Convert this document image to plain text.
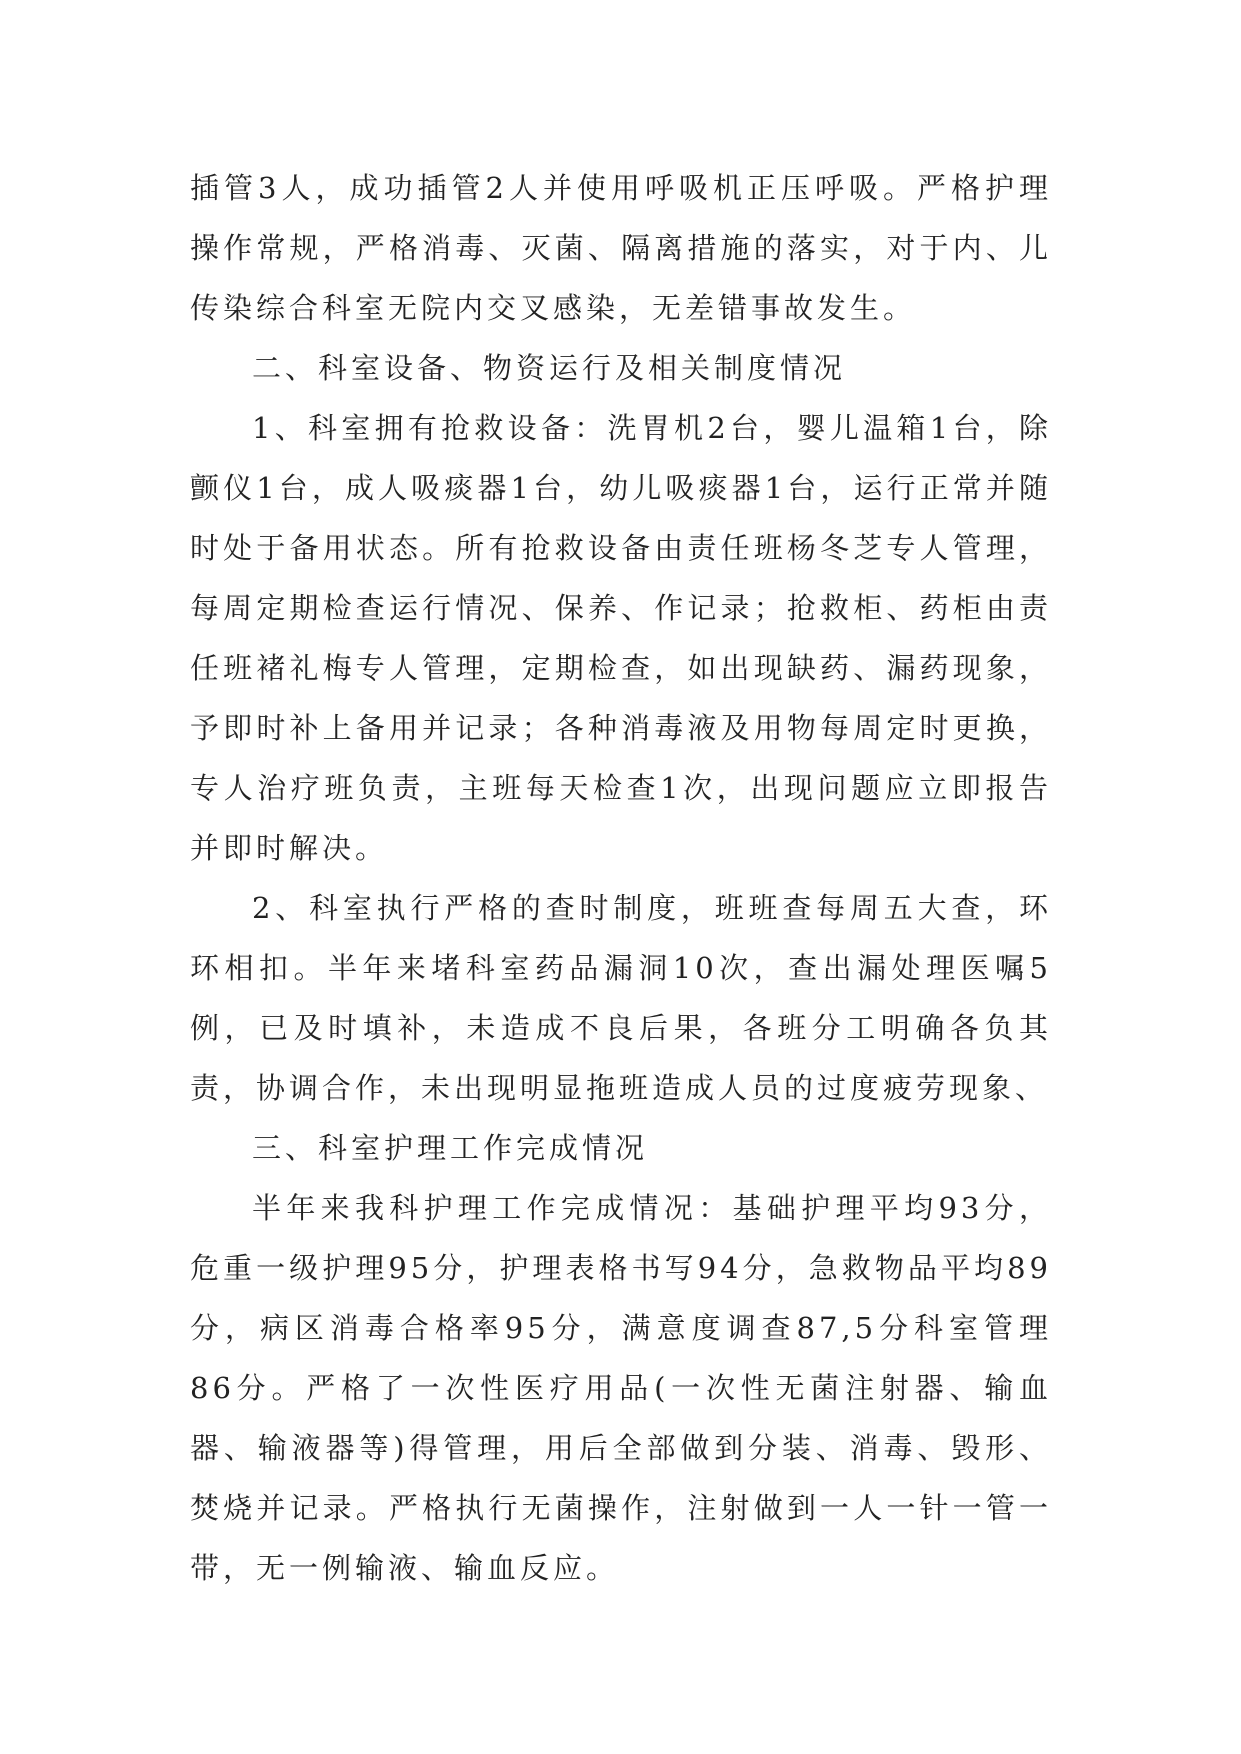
插管3人，成功插管2人并使用呼吸机正压呼吸。严格护理操作常规，严格消毒、灭菌、隔离措施的落实，对于内、儿传染综合科室无院内交叉感染，无差错事故发生。

二、科室设备、物资运行及相关制度情况

1、科室拥有抢救设备：洗胃机2台，婴儿温箱1台，除颤仪1台，成人吸痰器1台，幼儿吸痰器1台，运行正常并随时处于备用状态。所有抢救设备由责任班杨冬芝专人管理，每周定期检查运行情况、保养、作记录；抢救柜、药柜由责任班褚礼梅专人管理，定期检查，如出现缺药、漏药现象，予即时补上备用并记录；各种消毒液及用物每周定时更换，专人治疗班负责，主班每天检查1次，出现问题应立即报告并即时解决。

2、科室执行严格的查时制度，班班查每周五大查，环环相扣。半年来堵科室药品漏洞10次，查出漏处理医嘱5例，已及时填补，未造成不良后果，各班分工明确各负其责，协调合作，未出现明显拖班造成人员的过度疲劳现象、

三、科室护理工作完成情况

半年来我科护理工作完成情况：基础护理平均93分，危重一级护理95分，护理表格书写94分，急救物品平均89分，病区消毒合格率95分，满意度调查87,5分科室管理86分。严格了一次性医疗用品(一次性无菌注射器、输血器、输液器等)得管理，用后全部做到分装、消毒、毁形、焚烧并记录。严格执行无菌操作，注射做到一人一针一管一带，无一例输液、输血反应。
